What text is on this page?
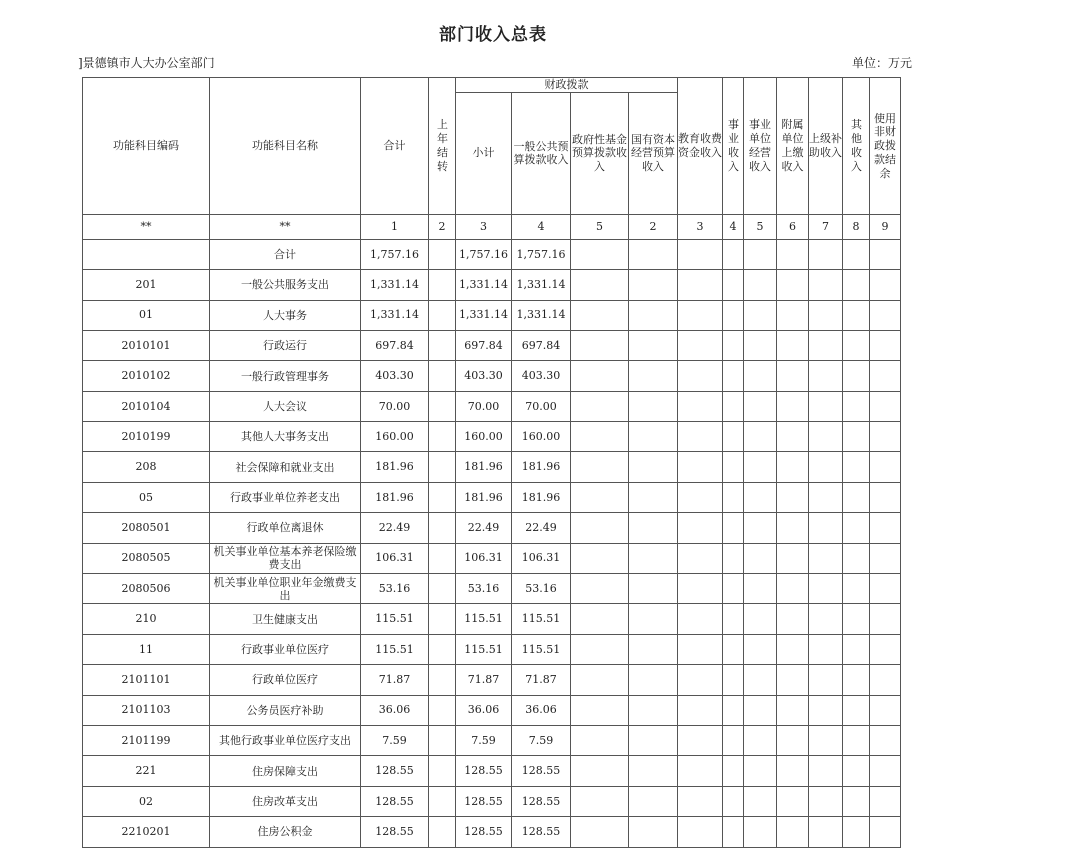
部门收入总表
]景德镇市人大办公室部门	单位：万元
功能科目编码	功能科目名称	合计	上年结转	财政拨款				教育收费资金收入	事业收入	事业单位经营收入	附属单位上缴收入	上级补助收入	其他收入	使用非财政拨款结余
				小计	一般公共预算拨款收入	政府性基金预算拨款收入	国有资本经营预算收入							
**	**	1	2	3	4	5	2	3	4	5	6	7	8	9

	合计	1,757.16		1,757.16	1,757.16									
201	一般公共服务支出	1,331.14		1,331.14	1,331.14									
01	人大事务	1,331.14		1,331.14	1,331.14									
2010101	行政运行	697.84		697.84	697.84									
2010102	一般行政管理事务	403.30		403.30	403.30									
2010104	人大会议	70.00		70.00	70.00									
2010199	其他人大事务支出	160.00		160.00	160.00									
208	社会保障和就业支出	181.96		181.96	181.96									
05	行政事业单位养老支出	181.96		181.96	181.96									
2080501	行政单位离退休	22.49		22.49	22.49									
2080505	机关事业单位基本养老保险缴费支出	106.31		106.31	106.31									
2080506	机关事业单位职业年金缴费支出	53.16		53.16	53.16									
210	卫生健康支出	115.51		115.51	115.51									
11	行政事业单位医疗	115.51		115.51	115.51									
2101101	行政单位医疗	71.87		71.87	71.87									
2101103	公务员医疗补助	36.06		36.06	36.06									
2101199	其他行政事业单位医疗支出	7.59		7.59	7.59									
221	住房保障支出	128.55		128.55	128.55									
02	住房改革支出	128.55		128.55	128.55									
2210201	住房公积金	128.55		128.55	128.55									
